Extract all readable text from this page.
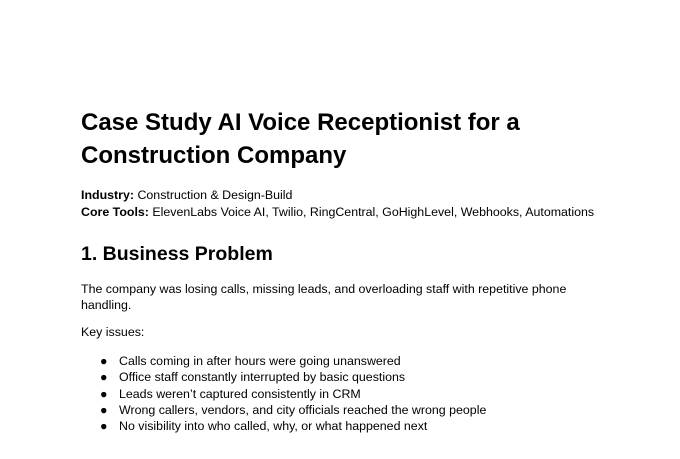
Case Study AI Voice Receptionist for a Construction Company
Industry: Construction & Design-Build
Core Tools: ElevenLabs Voice AI, Twilio, RingCentral, GoHighLevel, Webhooks, Automations
1. Business Problem
The company was losing calls, missing leads, and overloading staff with repetitive phone handling.
Key issues:
● Calls coming in after hours were going unanswered
● Office staff constantly interrupted by basic questions
● Leads weren’t captured consistently in CRM
● Wrong callers, vendors, and city officials reached the wrong people
● No visibility into who called, why, or what happened next
